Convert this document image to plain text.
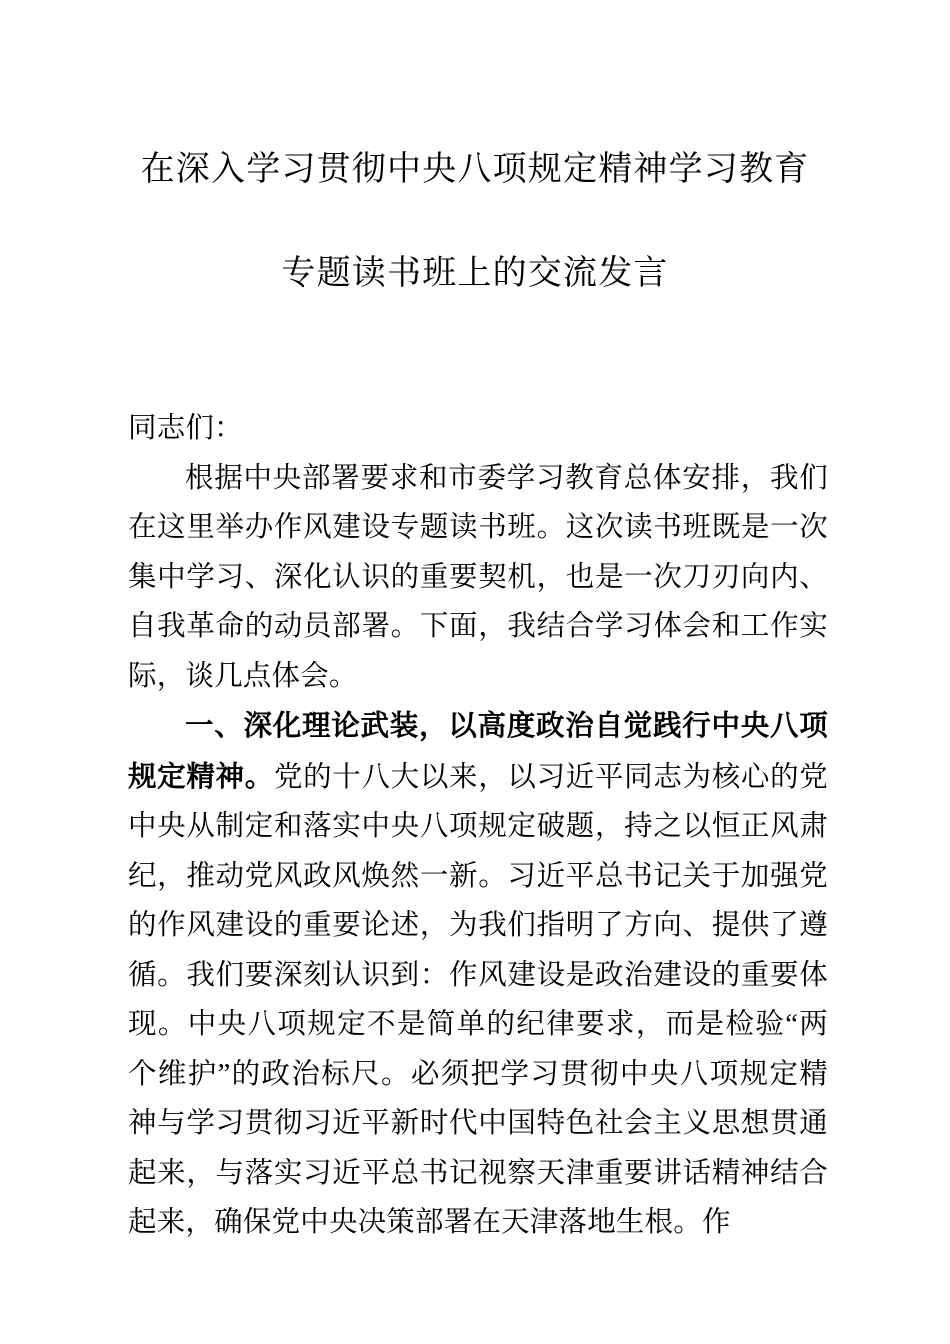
在深入学习贯彻中央八项规定精神学习教育
专题读书班上的交流发言

同志们：

根据中央部署要求和市委学习教育总体安排，我们在这里举办作风建设专题读书班。这次读书班既是一次集中学习、深化认识的重要契机，也是一次刀刃向内、自我革命的动员部署。下面，我结合学习体会和工作实际，谈几点体会。

一、深化理论武装，以高度政治自觉践行中央八项规定精神。党的十八大以来，以习近平同志为核心的党中央从制定和落实中央八项规定破题，持之以恒正风肃纪，推动党风政风焕然一新。习近平总书记关于加强党的作风建设的重要论述，为我们指明了方向、提供了遵循。我们要深刻认识到：作风建设是政治建设的重要体现。中央八项规定不是简单的纪律要求，而是检验“两个维护”的政治标尺。必须把学习贯彻中央八项规定精神与学习贯彻习近平新时代中国特色社会主义思想贯通起来，与落实习近平总书记视察天津重要讲话精神结合起来，确保党中央决策部署在天津落地生根。作
